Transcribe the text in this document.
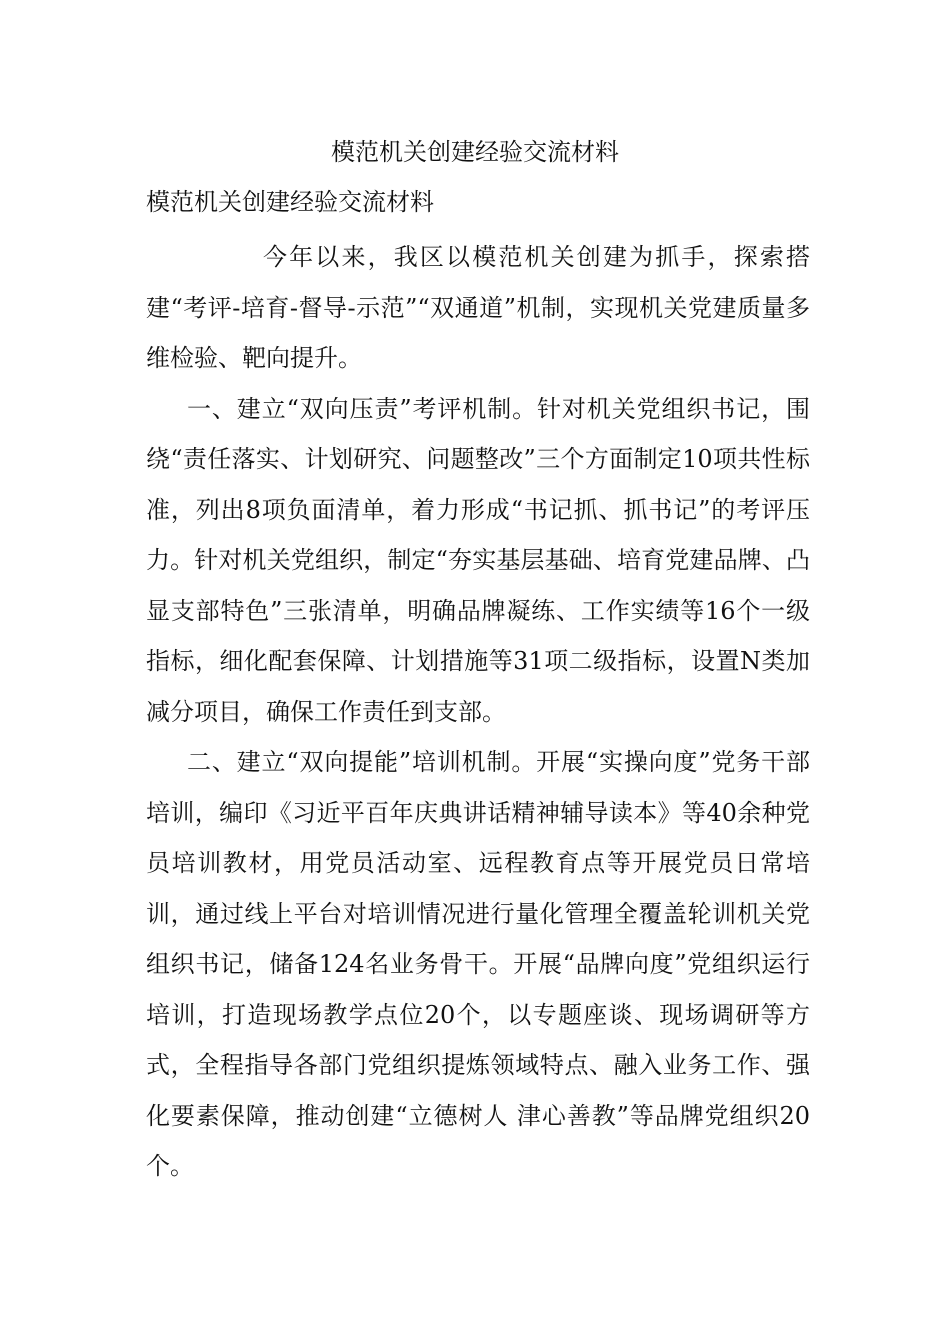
模范机关创建经验交流材料
模范机关创建经验交流材料

今年以来，我区以模范机关创建为抓手，探索搭建“考评-培育-督导-示范”“双通道”机制，实现机关党建质量多维检验、靶向提升。

一、建立“双向压责”考评机制。针对机关党组织书记，围绕“责任落实、计划研究、问题整改”三个方面制定10项共性标准，列出8项负面清单，着力形成“书记抓、抓书记”的考评压力。针对机关党组织，制定“夯实基层基础、培育党建品牌、凸显支部特色”三张清单，明确品牌凝练、工作实绩等16个一级指标，细化配套保障、计划措施等31项二级指标，设置N类加减分项目，确保工作责任到支部。

二、建立“双向提能”培训机制。开展“实操向度”党务干部培训，编印《习近平百年庆典讲话精神辅导读本》等40余种党员培训教材，用党员活动室、远程教育点等开展党员日常培训，通过线上平台对培训情况进行量化管理全覆盖轮训机关党组织书记，储备124名业务骨干。开展“品牌向度”党组织运行培训，打造现场教学点位20个，以专题座谈、现场调研等方式，全程指导各部门党组织提炼领域特点、融入业务工作、强化要素保障，推动创建“立德树人 津心善教”等品牌党组织20个。
